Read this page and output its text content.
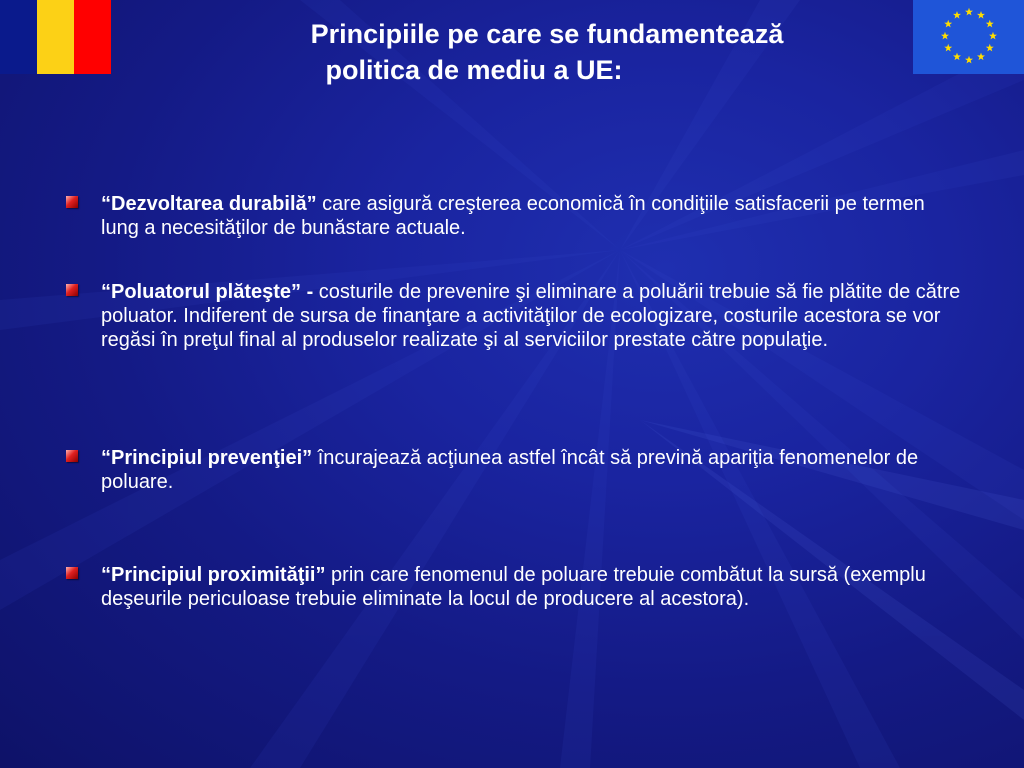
Principiile pe care se fundamentează
politica de mediu a UE:
“Dezvoltarea durabilă” care asigură creşterea economică în condiţiile satisfacerii pe termen lung a necesităţilor de bunăstare actuale.
“Poluatorul plăteşte” - costurile de prevenire şi eliminare a poluării trebuie să fie plătite de către poluator. Indiferent de sursa de finanţare a activităţilor de ecologizare, costurile acestora se vor regăsi în preţul final al produselor realizate şi al serviciilor prestate către populaţie.
“Principiul prevenţiei” încurajează acţiunea astfel încât să prevină apariţia fenomenelor de poluare.
“Principiul proximităţii” prin care fenomenul de poluare trebuie combătut la sursă (exemplu deşeurile periculoase trebuie eliminate la locul de producere al acestora).
